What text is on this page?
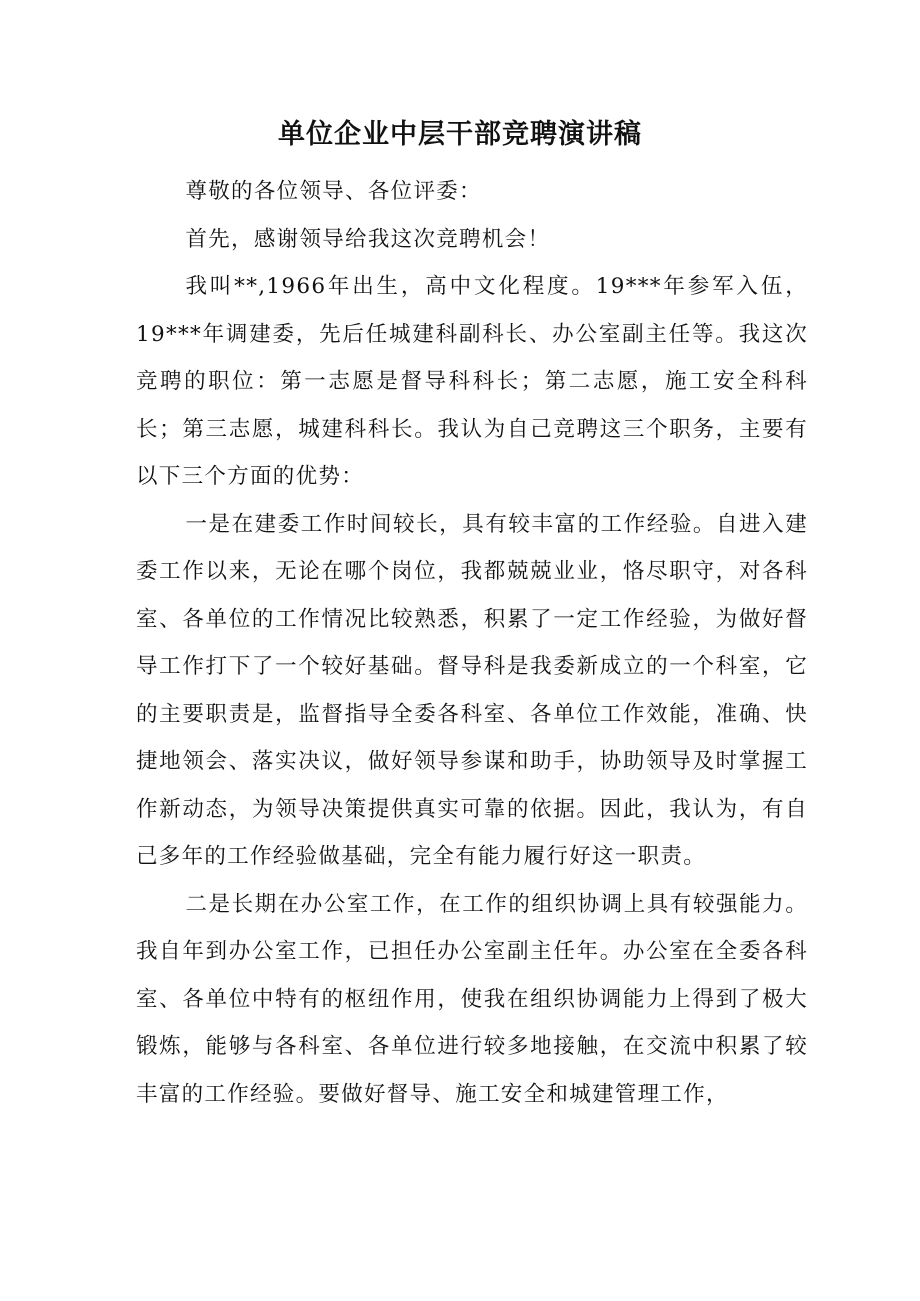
单位企业中层干部竞聘演讲稿

尊敬的各位领导、各位评委：

首先，感谢领导给我这次竞聘机会！

我叫**,1966年出生，高中文化程度。19***年参军入伍，19***年调建委，先后任城建科副科长、办公室副主任等。我这次竞聘的职位：第一志愿是督导科科长；第二志愿，施工安全科科长；第三志愿，城建科科长。我认为自己竞聘这三个职务，主要有以下三个方面的优势：

一是在建委工作时间较长，具有较丰富的工作经验。自进入建委工作以来，无论在哪个岗位，我都兢兢业业，恪尽职守，对各科室、各单位的工作情况比较熟悉，积累了一定工作经验，为做好督导工作打下了一个较好基础。督导科是我委新成立的一个科室，它的主要职责是，监督指导全委各科室、各单位工作效能，准确、快捷地领会、落实决议，做好领导参谋和助手，协助领导及时掌握工作新动态，为领导决策提供真实可靠的依据。因此，我认为，有自己多年的工作经验做基础，完全有能力履行好这一职责。

二是长期在办公室工作，在工作的组织协调上具有较强能力。我自年到办公室工作，已担任办公室副主任年。办公室在全委各科室、各单位中特有的枢纽作用，使我在组织协调能力上得到了极大锻炼，能够与各科室、各单位进行较多地接触，在交流中积累了较丰富的工作经验。要做好督导、施工安全和城建管理工作，
